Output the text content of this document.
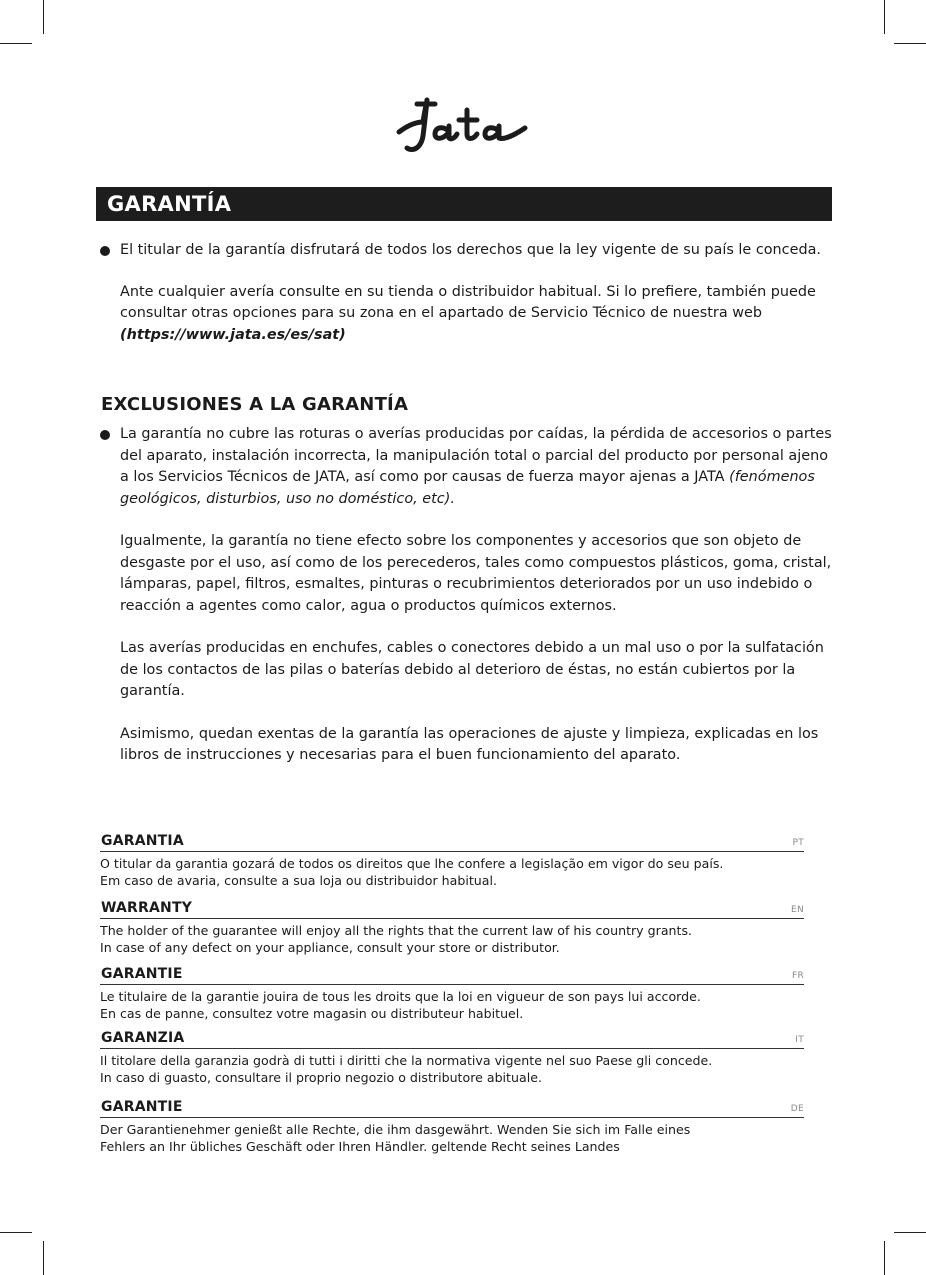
GARANTÍA

El titular de la garantía disfrutará de todos los derechos que la ley vigente de su país le conceda.

Ante cualquier avería consulte en su tienda o distribuidor habitual. Si lo prefiere, también puede consultar otras opciones para su zona en el apartado de Servicio Técnico de nuestra web (https://www.jata.es/es/sat)

EXCLUSIONES A LA GARANTÍA

La garantía no cubre las roturas o averías producidas por caídas, la pérdida de accesorios o partes del aparato, instalación incorrecta, la manipulación total o parcial del producto por personal ajeno a los Servicios Técnicos de JATA, así como por causas de fuerza mayor ajenas a JATA (fenómenos geológicos, disturbios, uso no doméstico, etc).

Igualmente, la garantía no tiene efecto sobre los componentes y accesorios que son objeto de desgaste por el uso, así como de los perecederos, tales como compuestos plásticos, goma, cristal, lámparas, papel, filtros, esmaltes, pinturas o recubrimientos deteriorados por un uso indebido o reacción a agentes como calor, agua o productos químicos externos.

Las averías producidas en enchufes, cables o conectores debido a un mal uso o por la sulfatación de los contactos de las pilas o baterías debido al deterioro de éstas, no están cubiertos por la garantía.

Asimismo, quedan exentas de la garantía las operaciones de ajuste y limpieza, explicadas en los libros de instrucciones y necesarias para el buen funcionamiento del aparato.

GARANTIA	PT

O titular da garantia gozará de todos os direitos que lhe confere a legislação em vigor do seu país.
Em caso de avaria, consulte a sua loja ou distribuidor habitual.

WARRANTY	EN

The holder of the guarantee will enjoy all the rights that the current law of his country grants.
In case of any defect on your appliance, consult your store or distributor.

GARANTIE	FR

Le titulaire de la garantie jouira de tous les droits que la loi en vigueur de son pays lui accorde.
En cas de panne, consultez votre magasin ou distributeur habituel.

GARANZIA	IT

Il titolare della garanzia godrà di tutti i diritti che la normativa vigente nel suo Paese gli concede.
In caso di guasto, consultare il proprio negozio o distributore abituale.

GARANTIE	DE

Der Garantienehmer genießt alle Rechte, die ihm dasgewährt. Wenden Sie sich im Falle eines
Fehlers an Ihr übliches Geschäft oder Ihren Händler. geltende Recht seines Landes
